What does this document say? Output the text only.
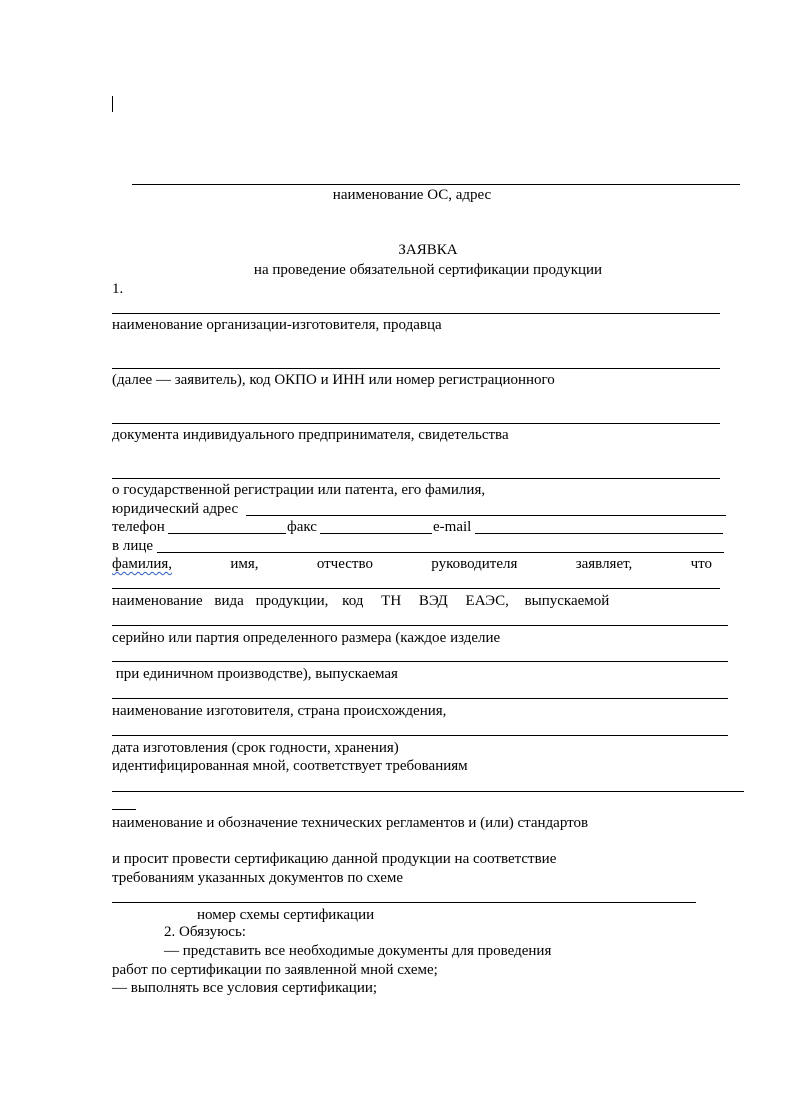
наименование ОС, адрес
ЗАЯВКА
на проведение обязательной сертификации продукции
1.
наименование организации-изготовителя, продавца
(далее — заявитель), код ОКПО и ИНН или номер регистрационного
документа индивидуального предпринимателя, свидетельства
о государственной регистрации или патента, его фамилия,
юридический адрес
телефон	факс	e-mail
в лице
фамилия,	имя,	отчество	руководителя	заявляет,	что
наименование вида продукции, код ТН ВЭД ЕАЭС, выпускаемой
серийно или партия определенного размера (каждое изделие
при единичном производстве), выпускаемая
наименование изготовителя, страна происхождения,
дата изготовления (срок годности, хранения)
идентифицированная мной, соответствует требованиям
наименование и обозначение технических регламентов и (или) стандартов
и просит провести сертификацию данной продукции на соответствие
требованиям указанных документов по схеме
номер схемы сертификации
2. Обязуюсь:
— представить все необходимые документы для проведения
работ по сертификации по заявленной мной схеме;
— выполнять все условия сертификации;
